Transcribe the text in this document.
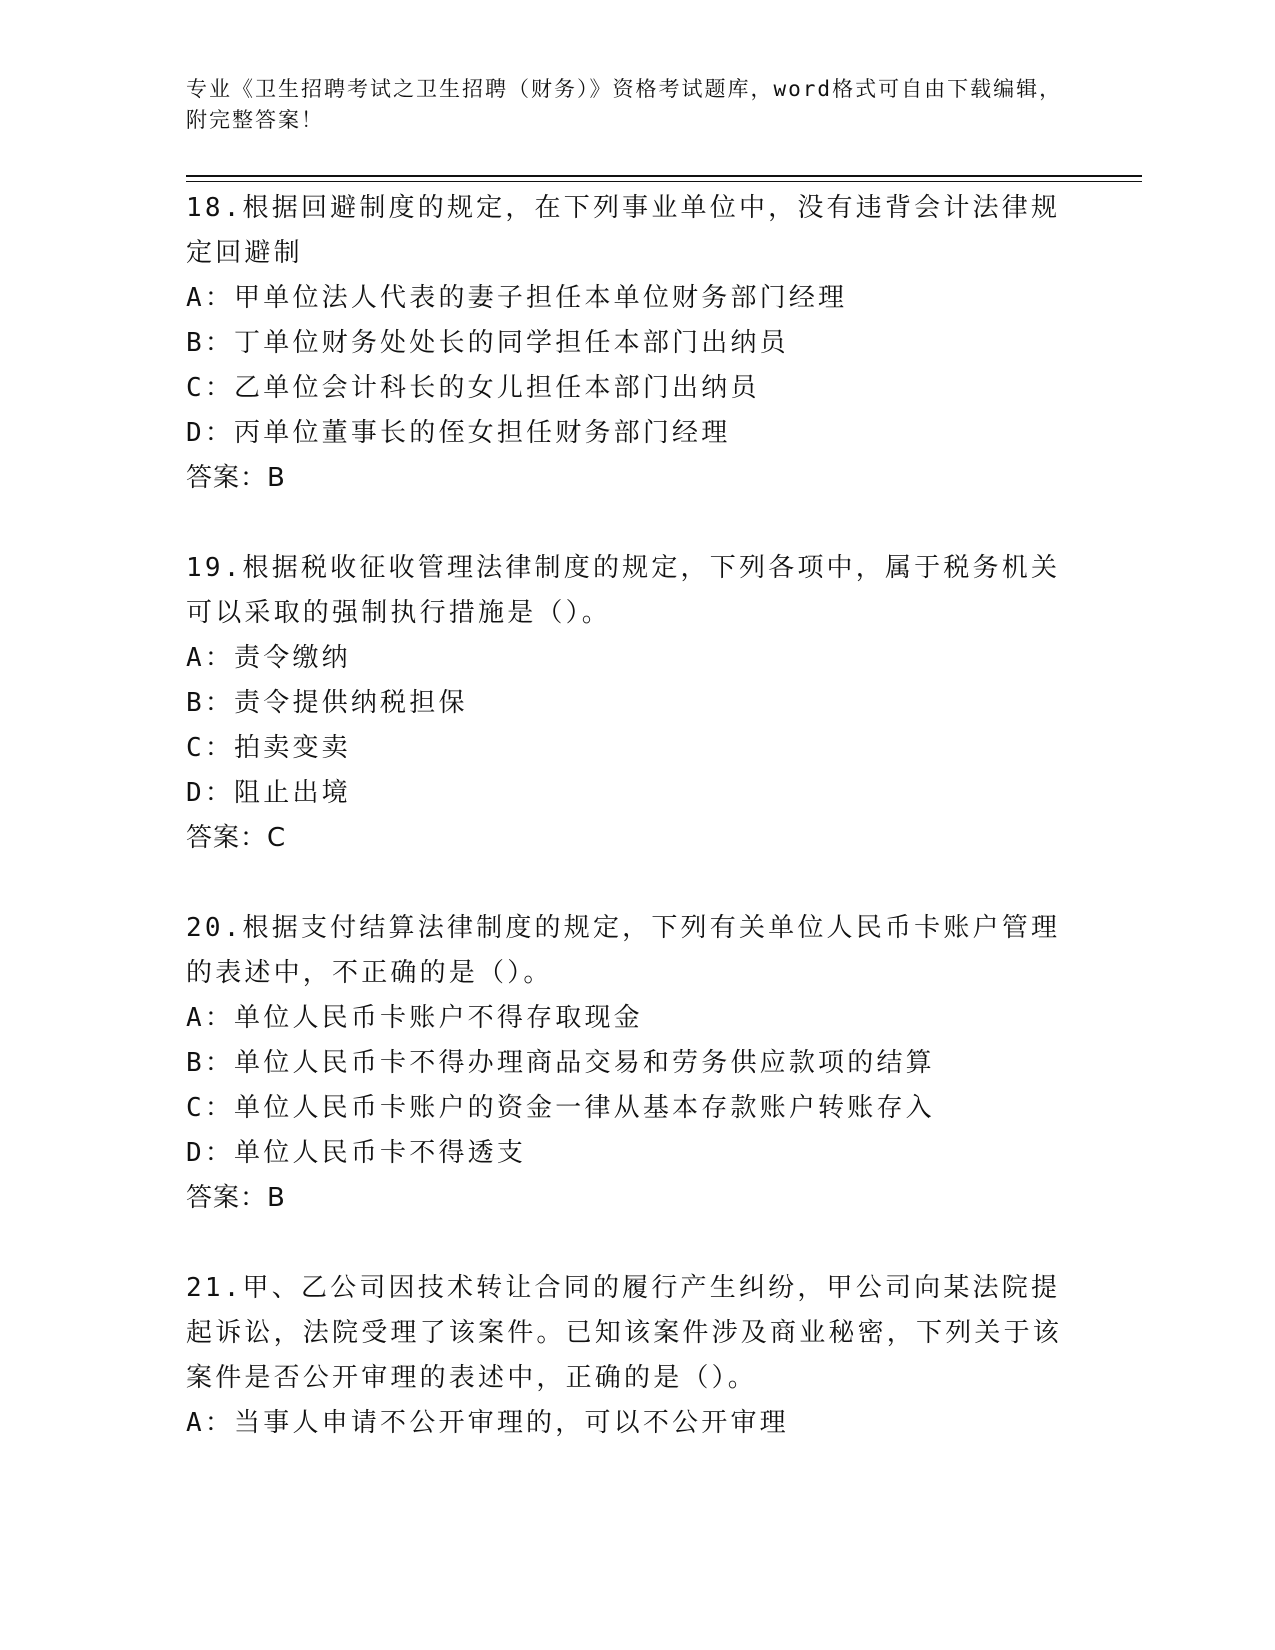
专业《卫生招聘考试之卫生招聘（财务）》资格考试题库，word格式可自由下载编辑，附完整答案！
18.根据回避制度的规定，在下列事业单位中，没有违背会计法律规定回避制
A：甲单位法人代表的妻子担任本单位财务部门经理
B：丁单位财务处处长的同学担任本部门出纳员
C：乙单位会计科长的女儿担任本部门出纳员
D：丙单位董事长的侄女担任财务部门经理
答案：B
19.根据税收征收管理法律制度的规定，下列各项中，属于税务机关可以采取的强制执行措施是（）。
A：责令缴纳
B：责令提供纳税担保
C：拍卖变卖
D：阻止出境
答案：C
20.根据支付结算法律制度的规定，下列有关单位人民币卡账户管理的表述中，不正确的是（）。
A：单位人民币卡账户不得存取现金
B：单位人民币卡不得办理商品交易和劳务供应款项的结算
C：单位人民币卡账户的资金一律从基本存款账户转账存入
D：单位人民币卡不得透支
答案：B
21.甲、乙公司因技术转让合同的履行产生纠纷，甲公司向某法院提起诉讼，法院受理了该案件。已知该案件涉及商业秘密，下列关于该案件是否公开审理的表述中，正确的是（）。
A：当事人申请不公开审理的，可以不公开审理
